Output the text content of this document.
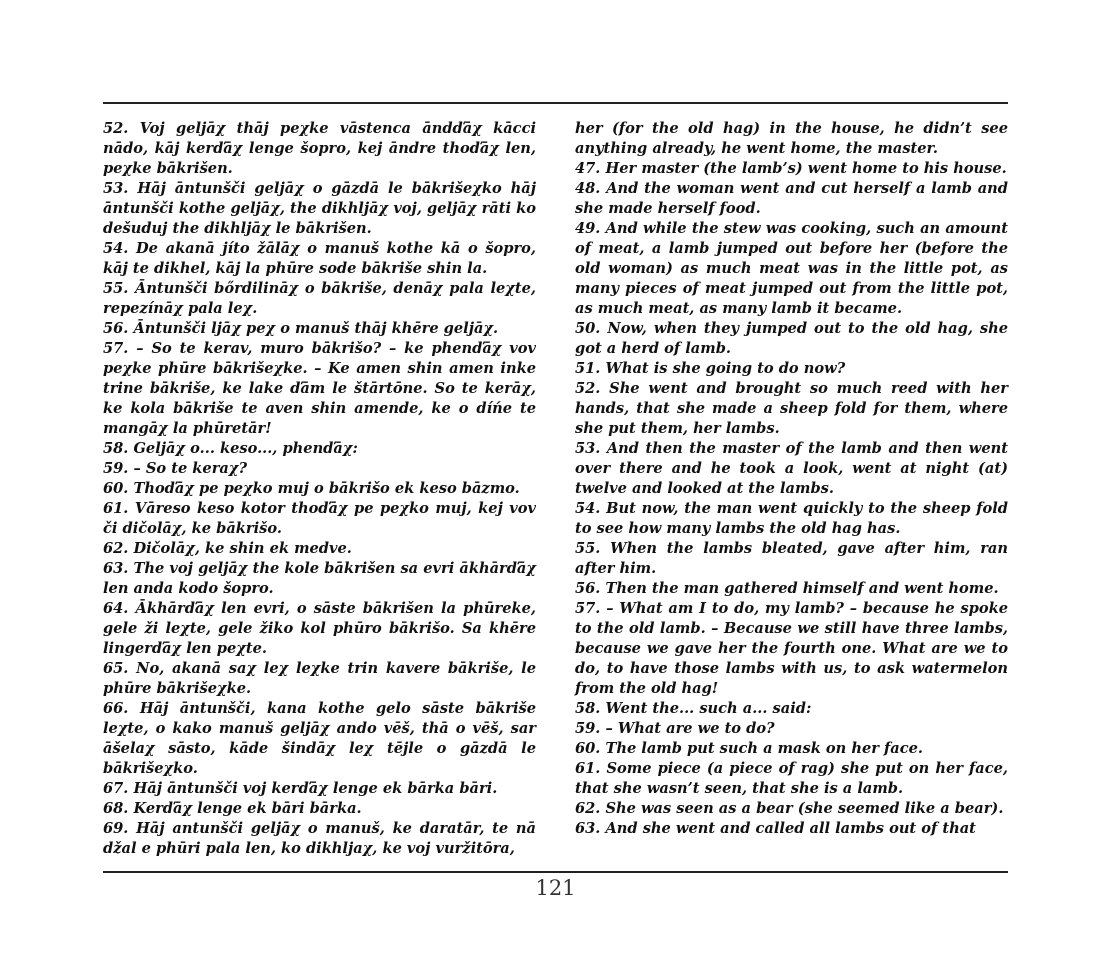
52. Voj geljāχ thāj peχke vāstenca āndďāχ kācci nādo, kāj kerďāχ lenge šopro, kej āndre thoďāχ len, peχke bākrišen.

53. Hāj āntunšči geljāχ o gāzdā le bākrišeχko hāj āntunšči kothe geljāχ, the dikhljāχ voj, geljāχ rāti ko dešuduj the dikhljāχ le bākrišen.

54. De akanā jíto žālāχ o manuš kothe kā o šopro, kāj te dikhel, kāj la phūre sode bākriše shin la.

55. Āntunšči bőrdilināχ o bākriše, denāχ pala leχte, repezínāχ pala leχ.

56. Āntunšči ljāχ peχ o manuš thāj khēre geljāχ.

57. – So te kerav, muro bākrišo? – ke phenďāχ vov peχke phūre bākrišeχke. – Ke amen shin amen inke trine bākriše, ke lake ďām le štārtōne. So te kerāχ, ke kola bākriše te aven shin amende, ke o díńe te mangāχ la phūretār!

58. Geljāχ o... keso..., phenďāχ:

59. – So te keraχ?

60. Thoďāχ pe peχko muj o bākrišo ek keso bāzmo.

61. Vāreso keso kotor thoďāχ pe peχko muj, kej vov či dičolāχ, ke bākrišo.

62. Dičolāχ, ke shin ek medve.

63. The voj geljāχ the kole bākrišen sa evri ākhārďāχ len anda kodo šopro.

64. Ākhārďāχ len evri, o sāste bākrišen la phūreke, gele ži leχte, gele žiko kol phūro bākrišo. Sa khēre lingerďāχ len peχte.

65. No, akanā saχ leχ leχke trin kavere bākriše, le phūre bākrišeχke.

66. Hāj āntunšči, kana kothe gelo sāste bākriše leχte, o kako manuš geljāχ ando vēš, thā o vēš, sar āšelaχ sāsto, kāde šindāχ leχ tējle o gāzdā le bākrišeχko.

67. Hāj āntunšči voj kerďāχ lenge ek bārka bāri.

68. Kerďāχ lenge ek bāri bārka.

69. Hāj antunšči geljāχ o manuš, ke daratār, te nā džal e phūri pala len, ko dikhljaχ, ke voj vuržitōra,

her (for the old hag) in the house, he didn’t see anything already, he went home, the master.

47. Her master (the lamb’s) went home to his house.

48. And the woman went and cut herself a lamb and she made herself food.

49. And while the stew was cooking, such an amount of meat, a lamb jumped out before her (before the old woman) as much meat was in the little pot, as many pieces of meat jumped out from the little pot, as much meat, as many lamb it became.

50. Now, when they jumped out to the old hag, she got a herd of lamb.

51. What is she going to do now?

52. She went and brought so much reed with her hands, that she made a sheep fold for them, where she put them, her lambs.

53. And then the master of the lamb and then went over there and he took a look, went at night (at) twelve and looked at the lambs.

54. But now, the man went quickly to the sheep fold to see how many lambs the old hag has.

55. When the lambs bleated, gave after him, ran after him.

56. Then the man gathered himself and went home.

57. – What am I to do, my lamb? – because he spoke to the old lamb. – Because we still have three lambs, because we gave her the fourth one. What are we to do, to have those lambs with us, to ask watermelon from the old hag!

58. Went the... such a... said:

59. – What are we to do?

60. The lamb put such a mask on her face.

61. Some piece (a piece of rag) she put on her face, that she wasn’t seen, that she is a lamb.

62. She was seen as a bear (she seemed like a bear).

63. And she went and called all lambs out of that

121
